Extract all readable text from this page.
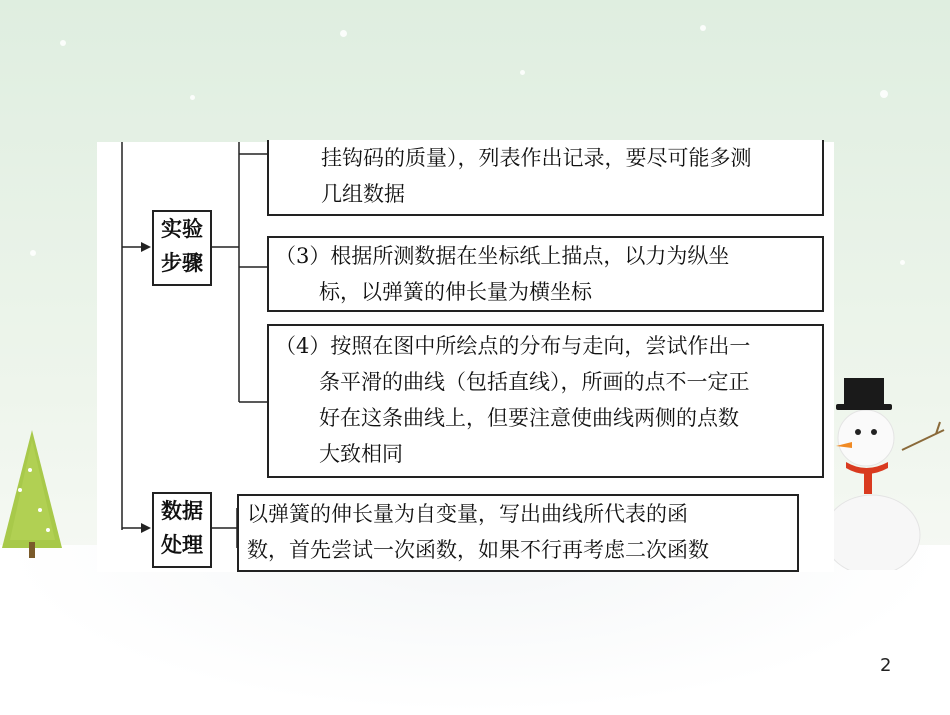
实验
步骤
数据
处理
挂钩码的质量），列表作出记录，要尽可能多测
几组数据
（3）根据所测数据在坐标纸上描点，以力为纵坐
标，以弹簧的伸长量为横坐标
（4）按照在图中所绘点的分布与走向，尝试作出一
条平滑的曲线（包括直线），所画的点不一定正
好在这条曲线上，但要注意使曲线两侧的点数
大致相同
以弹簧的伸长量为自变量，写出曲线所代表的函
数，首先尝试一次函数，如果不行再考虑二次函数
2
